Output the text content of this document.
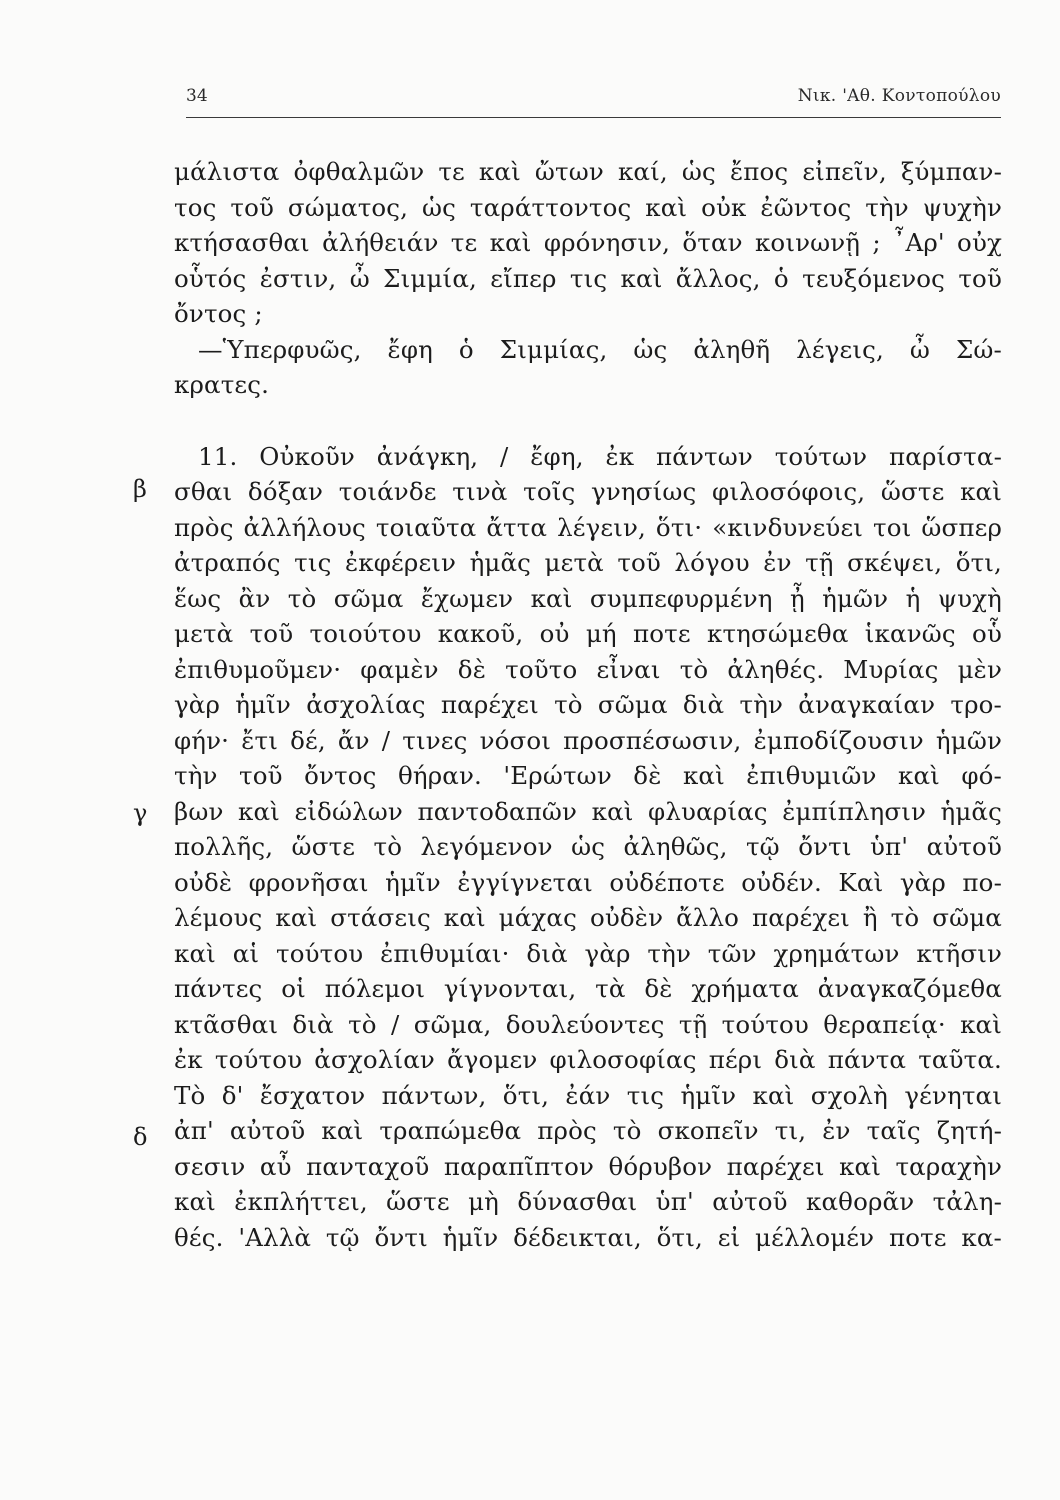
34	Νικ. 'Αθ. Κοντοπούλου
β
γ
δ
μάλιστα ὀφθαλμῶν τε καὶ ὤτων καί, ὡς ἔπος εἰπεῖν, ξύμπαν-
τος τοῦ σώματος, ὡς ταράττοντος καὶ οὐκ ἐῶντος τὴν ψυχὴν
κτήσασθαι ἀλήθειάν τε καὶ φρόνησιν, ὅταν κοινωνῇ ; ῏Αρ' οὐχ
οὗτός ἐστιν, ὦ Σιμμία, εἴπερ τις καὶ ἄλλος, ὁ τευξόμενος τοῦ
ὄντος ;
—Ὑπερφυῶς, ἔφη ὁ Σιμμίας, ὡς ἀληθῆ λέγεις, ὦ Σώ-
κρατες.
11. Οὐκοῦν ἀνάγκη, / ἔφη, ἐκ πάντων τούτων παρίστα-
σθαι δόξαν τοιάνδε τινὰ τοῖς γνησίως φιλοσόφοις, ὥστε καὶ
πρὸς ἀλλήλους τοιαῦτα ἄττα λέγειν, ὅτι· «κινδυνεύει τοι ὥσπερ
ἀτραπός τις ἐκφέρειν ἡμᾶς μετὰ τοῦ λόγου ἐν τῇ σκέψει, ὅτι,
ἕως ἂν τὸ σῶμα ἔχωμεν καὶ συμπεφυρμένη ᾖ ἡμῶν ἡ ψυχὴ
μετὰ τοῦ τοιούτου κακοῦ, οὐ μή ποτε κτησώμεθα ἱκανῶς οὗ
ἐπιθυμοῦμεν· φαμὲν δὲ τοῦτο εἶναι τὸ ἀληθές. Μυρίας μὲν
γὰρ ἡμῖν ἀσχολίας παρέχει τὸ σῶμα διὰ τὴν ἀναγκαίαν τρο-
φήν· ἔτι δέ, ἄν / τινες νόσοι προσπέσωσιν, ἐμποδίζουσιν ἡμῶν
τὴν τοῦ ὄντος θήραν. 'Ερώτων δὲ καὶ ἐπιθυμιῶν καὶ φό-
βων καὶ εἰδώλων παντοδαπῶν καὶ φλυαρίας ἐμπίπλησιν ἡμᾶς
πολλῆς, ὥστε τὸ λεγόμενον ὡς ἀληθῶς, τῷ ὄντι ὑπ' αὐτοῦ
οὐδὲ φρονῆσαι ἡμῖν ἐγγίγνεται οὐδέποτε οὐδέν. Καὶ γὰρ πο-
λέμους καὶ στάσεις καὶ μάχας οὐδὲν ἄλλο παρέχει ἢ τὸ σῶμα
καὶ αἱ τούτου ἐπιθυμίαι· διὰ γὰρ τὴν τῶν χρημάτων κτῆσιν
πάντες οἱ πόλεμοι γίγνονται, τὰ δὲ χρήματα ἀναγκαζόμεθα
κτᾶσθαι διὰ τὸ / σῶμα, δουλεύοντες τῇ τούτου θεραπείᾳ· καὶ
ἐκ τούτου ἀσχολίαν ἄγομεν φιλοσοφίας πέρι διὰ πάντα ταῦτα.
Τὸ δ' ἔσχατον πάντων, ὅτι, ἐάν τις ἡμῖν καὶ σχολὴ γένηται
ἀπ' αὐτοῦ καὶ τραπώμεθα πρὸς τὸ σκοπεῖν τι, ἐν ταῖς ζητή-
σεσιν αὖ πανταχοῦ παραπῖπτον θόρυβον παρέχει καὶ ταραχὴν
καὶ ἐκπλήττει, ὥστε μὴ δύνασθαι ὑπ' αὐτοῦ καθορᾶν τἀλη-
θές. 'Αλλὰ τῷ ὄντι ἡμῖν δέδεικται, ὅτι, εἰ μέλλομέν ποτε κα-
